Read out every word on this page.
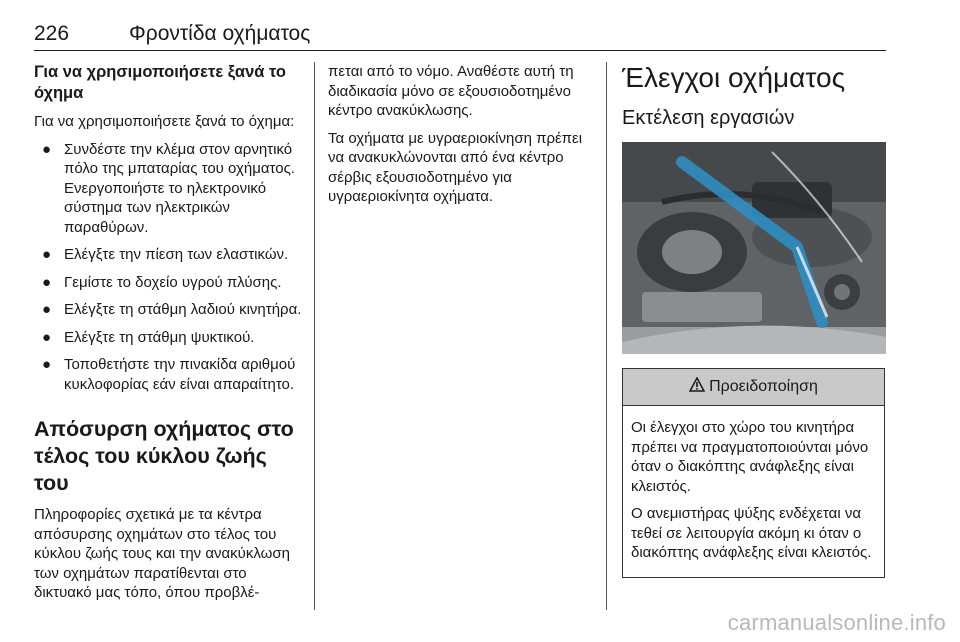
226	Φροντίδα οχήματος
Για να χρησιμοποιήσετε ξανά το όχημα

Για να χρησιμοποιήσετε ξανά το όχημα:

● Συνδέστε την κλέμα στον αρνητικό πόλο της μπαταρίας του οχήματος. Ενεργοποιήστε το ηλεκτρονικό σύστημα των ηλεκτρικών παραθύρων.
● Ελέγξτε την πίεση των ελαστικών.
● Γεμίστε το δοχείο υγρού πλύσης.
● Ελέγξτε τη στάθμη λαδιού κινητήρα.
● Ελέγξτε τη στάθμη ψυκτικού.
● Τοποθετήστε την πινακίδα αριθμού κυκλοφορίας εάν είναι απαραίτητο.
Απόσυρση οχήματος στο τέλος του κύκλου ζωής του

Πληροφορίες σχετικά με τα κέντρα απόσυρσης οχημάτων στο τέλος του κύκλου ζωής τους και την ανακύκλωση των οχημάτων παρατίθενται στο δικτυακό μας τόπο, όπου προβλέ-

πεται από το νόμο. Αναθέστε αυτή τη διαδικασία μόνο σε εξουσιοδοτημένο κέντρο ανακύκλωσης.

Τα οχήματα με υγραεριοκίνηση πρέπει να ανακυκλώνονται από ένα κέντρο σέρβις εξουσιοδοτημένο για υγραεριοκίνητα οχήματα.

Έλεγχοι οχήματος
Εκτέλεση εργασιών
Προειδοποίηση

Οι έλεγχοι στο χώρο του κινητήρα πρέπει να πραγματοποιούνται μόνο όταν ο διακόπτης ανάφλεξης είναι κλειστός.

Ο ανεμιστήρας ψύξης ενδέχεται να τεθεί σε λειτουργία ακόμη κι όταν ο διακόπτης ανάφλεξης είναι κλειστός.

carmanualsonline.info
